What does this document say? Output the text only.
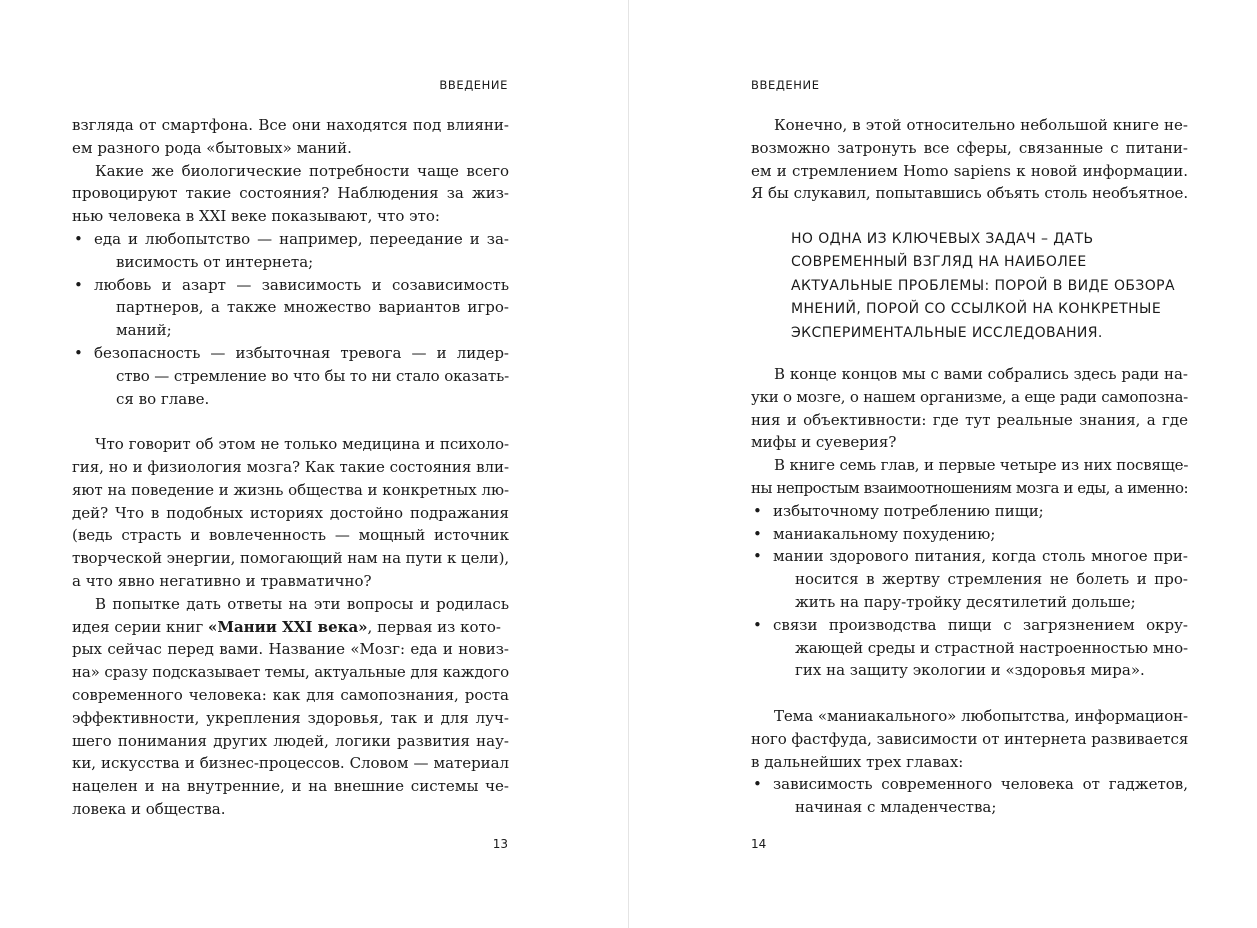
ВВЕДЕНИЕ
взгляда от смартфона. Все они находятся под влияни-
ем разного рода «бытовых» маний.
Какие же биологические потребности чаще всего
провоцируют такие состояния? Наблюдения за жиз-
нью человека в XXI веке показывают, что это:
• еда и любопытство — например, переедание и за-
висимость от интернета;
• любовь и азарт — зависимость и созависимость
партнеров, а также множество вариантов игро-
маний;
• безопасность — избыточная тревога — и лидер-
ство — стремление во что бы то ни стало оказать-
ся во главе.
Что говорит об этом не только медицина и психоло-
гия, но и физиология мозга? Как такие состояния вли-
яют на поведение и жизнь общества и конкретных лю-
дей? Что в подобных историях достойно подражания
(ведь страсть и вовлеченность — мощный источник
творческой энергии, помогающий нам на пути к цели),
а что явно негативно и травматично?
В попытке дать ответы на эти вопросы и родилась
идея серии книг «Мании XXI века», первая из кото-
рых сейчас перед вами. Название «Мозг: еда и новиз-
на» сразу подсказывает темы, актуальные для каждого
современного человека: как для самопознания, роста
эффективности, укрепления здоровья, так и для луч-
шего понимания других людей, логики развития нау-
ки, искусства и бизнес-процессов. Словом — материал
нацелен и на внутренние, и на внешние системы че-
ловека и общества.
13
ВВЕДЕНИЕ
Конечно, в этой относительно небольшой книге не-
возможно затронуть все сферы, связанные с питани-
ем и стремлением Homo sapiens к новой информации.
Я бы слукавил, попытавшись объять столь необъятное.
НО ОДНА ИЗ КЛЮЧЕВЫХ ЗАДАЧ – ДАТЬ
СОВРЕМЕННЫЙ ВЗГЛЯД НА НАИБОЛЕЕ
АКТУАЛЬНЫЕ ПРОБЛЕМЫ: ПОРОЙ В ВИДЕ ОБЗОРА
МНЕНИЙ, ПОРОЙ СО ССЫЛКОЙ НА КОНКРЕТНЫЕ
ЭКСПЕРИМЕНТАЛЬНЫЕ ИССЛЕДОВАНИЯ.
В конце концов мы с вами собрались здесь ради на-
уки о мозге, о нашем организме, а еще ради самопозна-
ния и объективности: где тут реальные знания, а где
мифы и суеверия?
В книге семь глав, и первые четыре из них посвяще-
ны непростым взаимоотношениям мозга и еды, а именно:
• избыточному потреблению пищи;
• маниакальному похудению;
• мании здорового питания, когда столь многое при-
носится в жертву стремления не болеть и про-
жить на пару-тройку десятилетий дольше;
• связи производства пищи с загрязнением окру-
жающей среды и страстной настроенностью мно-
гих на защиту экологии и «здоровья мира».
Тема «маниакального» любопытства, информацион-
ного фастфуда, зависимости от интернета развивается
в дальнейших трех главах:
• зависимость современного человека от гаджетов,
начиная с младенчества;
14
